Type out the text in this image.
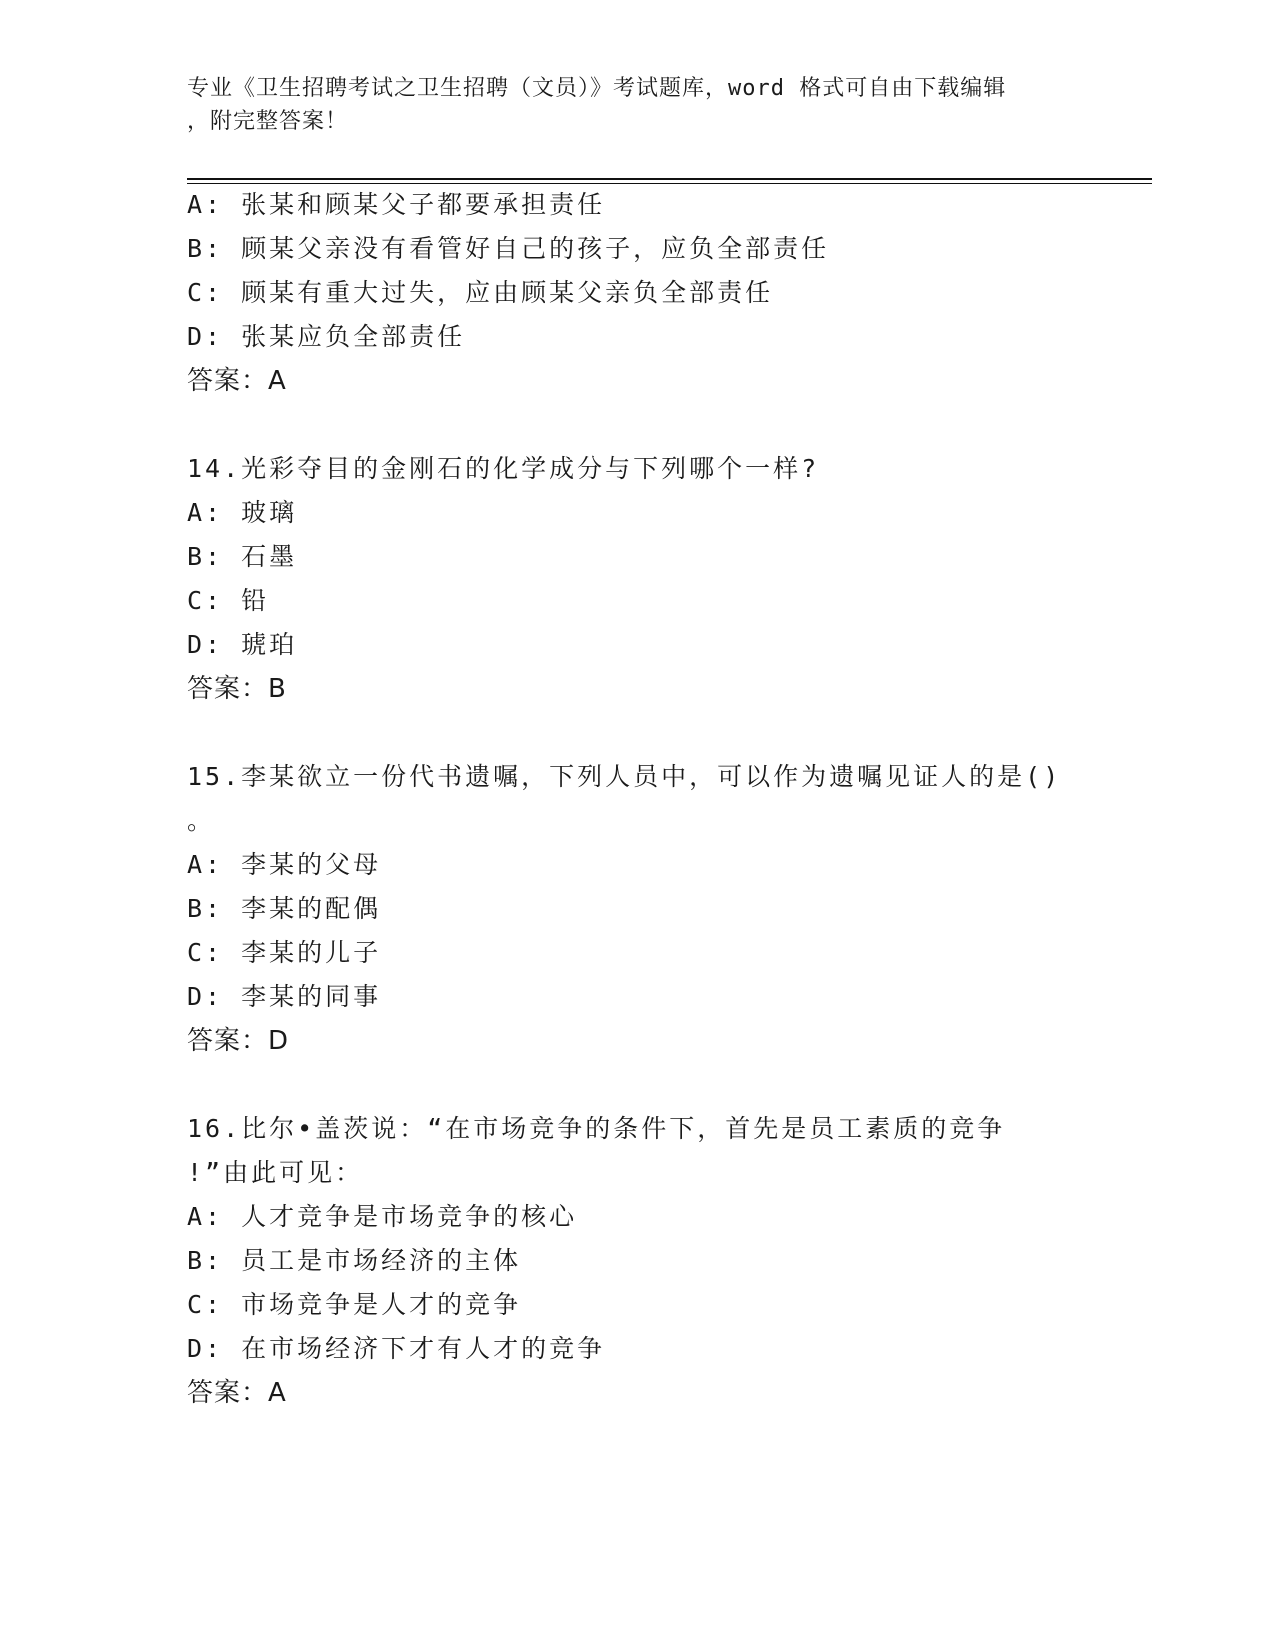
专业《卫生招聘考试之卫生招聘（文员）》考试题库，word 格式可自由下载编辑
，附完整答案！
A: 张某和顾某父子都要承担责任
B: 顾某父亲没有看管好自己的孩子，应负全部责任
C: 顾某有重大过失，应由顾某父亲负全部责任
D: 张某应负全部责任
答案：A
14.光彩夺目的金刚石的化学成分与下列哪个一样?
A: 玻璃
B: 石墨
C: 铅
D: 琥珀
答案：B
15.李某欲立一份代书遗嘱，下列人员中，可以作为遗嘱见证人的是()
。
A: 李某的父母
B: 李某的配偶
C: 李某的儿子
D: 李某的同事
答案：D
16.比尔•盖茨说：“在市场竞争的条件下，首先是员工素质的竞争
!”由此可见：
A: 人才竞争是市场竞争的核心
B: 员工是市场经济的主体
C: 市场竞争是人才的竞争
D: 在市场经济下才有人才的竞争
答案：A
